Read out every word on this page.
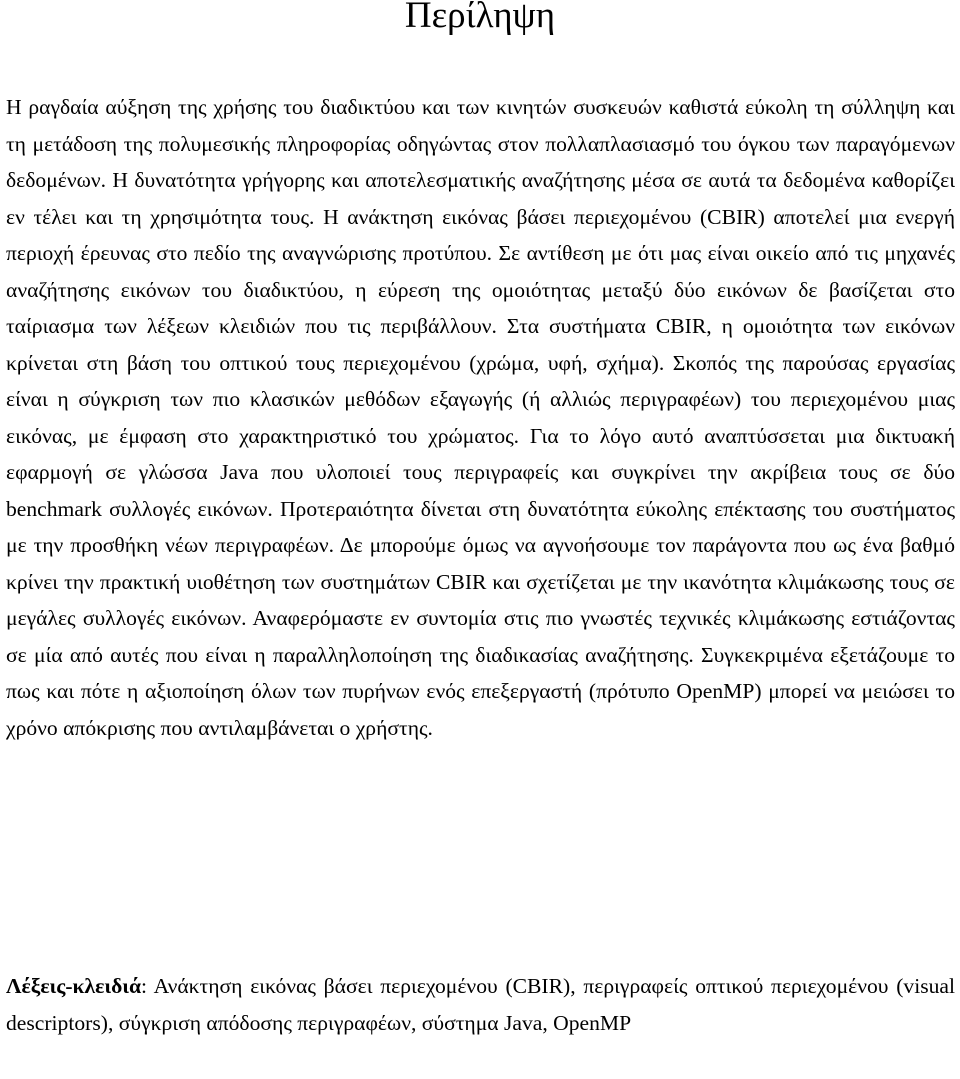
Περίληψη

Η ραγδαία αύξηση της χρήσης του διαδικτύου και των κινητών συσκευών καθιστά εύκολη τη σύλληψη και τη μετάδοση της πολυμεσικής πληροφορίας οδηγώντας στον πολλαπλασιασμό του όγκου των παραγόμενων δεδομένων. Η δυνατότητα γρήγορης και αποτελεσματικής αναζήτησης μέσα σε αυτά τα δεδομένα καθορίζει εν τέλει και τη χρησιμότητα τους. Η ανάκτηση εικόνας βάσει περιεχομένου (CBIR) αποτελεί μια ενεργή περιοχή έρευνας στο πεδίο της αναγνώρισης προτύπου. Σε αντίθεση με ότι μας είναι οικείο από τις μηχανές αναζήτησης εικόνων του διαδικτύου, η εύρεση της ομοιότητας μεταξύ δύο εικόνων δε βασίζεται στο ταίριασμα των λέξεων κλειδιών που τις περιβάλλουν. Στα συστήματα CBIR, η ομοιότητα των εικόνων κρίνεται στη βάση του οπτικού τους περιεχομένου (χρώμα, υφή, σχήμα). Σκοπός της παρούσας εργασίας είναι η σύγκριση των πιο κλασικών μεθόδων εξαγωγής (ή αλλιώς περιγραφέων) του περιεχομένου μιας εικόνας, με έμφαση στο χαρακτηριστικό του χρώματος. Για το λόγο αυτό αναπτύσσεται μια δικτυακή εφαρμογή σε γλώσσα Java που υλοποιεί τους περιγραφείς και συγκρίνει την ακρίβεια τους σε δύο benchmark συλλογές εικόνων. Προτεραιότητα δίνεται στη δυνατότητα εύκολης επέκτασης του συστήματος με την προσθήκη νέων περιγραφέων. Δε μπορούμε όμως να αγνοήσουμε τον παράγοντα που ως ένα βαθμό κρίνει την πρακτική υιοθέτηση των συστημάτων CBIR και σχετίζεται με την ικανότητα κλιμάκωσης τους σε μεγάλες συλλογές εικόνων. Αναφερόμαστε εν συντομία στις πιο γνωστές τεχνικές κλιμάκωσης εστιάζοντας σε μία από αυτές που είναι η παραλληλοποίηση της διαδικασίας αναζήτησης. Συγκεκριμένα εξετάζουμε το πως και πότε η αξιοποίηση όλων των πυρήνων ενός επεξεργαστή (πρότυπο OpenMP) μπορεί να μειώσει το χρόνο απόκρισης που αντιλαμβάνεται ο χρήστης.

Λέξεις-κλειδιά: Ανάκτηση εικόνας βάσει περιεχομένου (CBIR), περιγραφείς οπτικού περιεχομένου (visual descriptors), σύγκριση απόδοσης περιγραφέων, σύστημα Java, OpenMP
